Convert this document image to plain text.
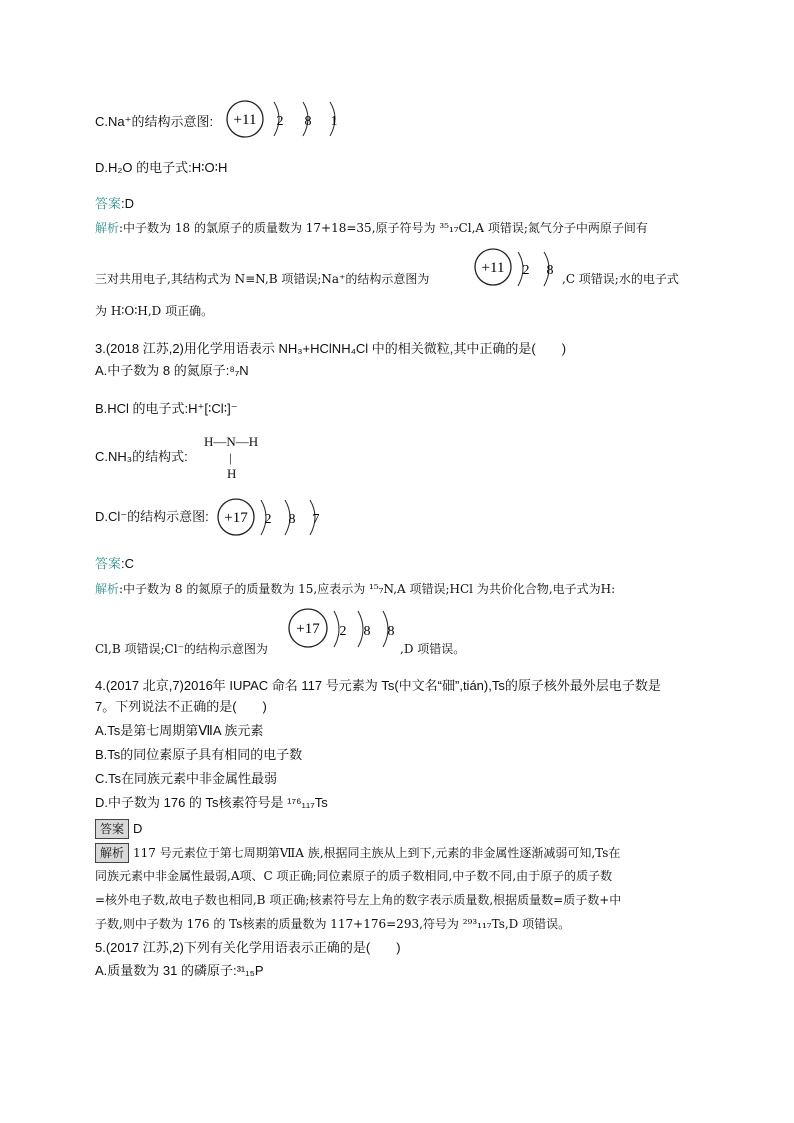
C.Na⁺的结构示意图: +11 2 8 1
D.H₂O 的电子式:H∶O∶H
答案:D
解析:中子数为 18 的氯原子的质量数为 17+18=35,原子符号为 ³⁵₁₇Cl,A 项错误;氮气分子中两原子间有
三对共用电子,其结构式为 N≡N,B 项错误;Na⁺的结构示意图为
+11 2 8
,C 项错误;水的电子式
为 H∶O∶H,D 项正确。
3.(2018 江苏,2)用化学用语表示 NH₃+HClNH₄Cl 中的相关微粒,其中正确的是(　　)
A.中子数为 8 的氮原子:⁸₇N
B.HCl 的电子式:H⁺[∶Cl∶]⁻
C.NH₃的结构式:
H—N—H
|
H
D.Cl⁻的结构示意图: +17 2 8 7
答案:C
解析:中子数为 8 的氮原子的质量数为 15,应表示为 ¹⁵₇N,A 项错误;HCl 为共价化合物,电子式为H:
Cl,B 项错误;Cl⁻的结构示意图为
+17 2 8 8
,D 项错误。
4.(2017 北京,7)2016年 IUPAC 命名 117 号元素为 Ts(中文名“鿬”,tián),Ts的原子核外最外层电子数是
7。下列说法不正确的是(　　)
A.Ts是第七周期第ⅦA 族元素
B.Ts的同位素原子具有相同的电子数
C.Ts在同族元素中非金属性最弱
D.中子数为 176 的 Ts核素符号是 ¹⁷⁶₁₁₇Ts
答案 D
解析 117 号元素位于第七周期第ⅦA 族,根据同主族从上到下,元素的非金属性逐渐减弱可知,Ts在
同族元素中非金属性最弱,A项、C 项正确;同位素原子的质子数相同,中子数不同,由于原子的质子数
=核外电子数,故电子数也相同,B 项正确;核素符号左上角的数字表示质量数,根据质量数=质子数+中
子数,则中子数为 176 的 Ts核素的质量数为 117+176=293,符号为 ²⁹³₁₁₇Ts,D 项错误。
5.(2017 江苏,2)下列有关化学用语表示正确的是(　　)
A.质量数为 31 的磷原子:³¹₁₅P
